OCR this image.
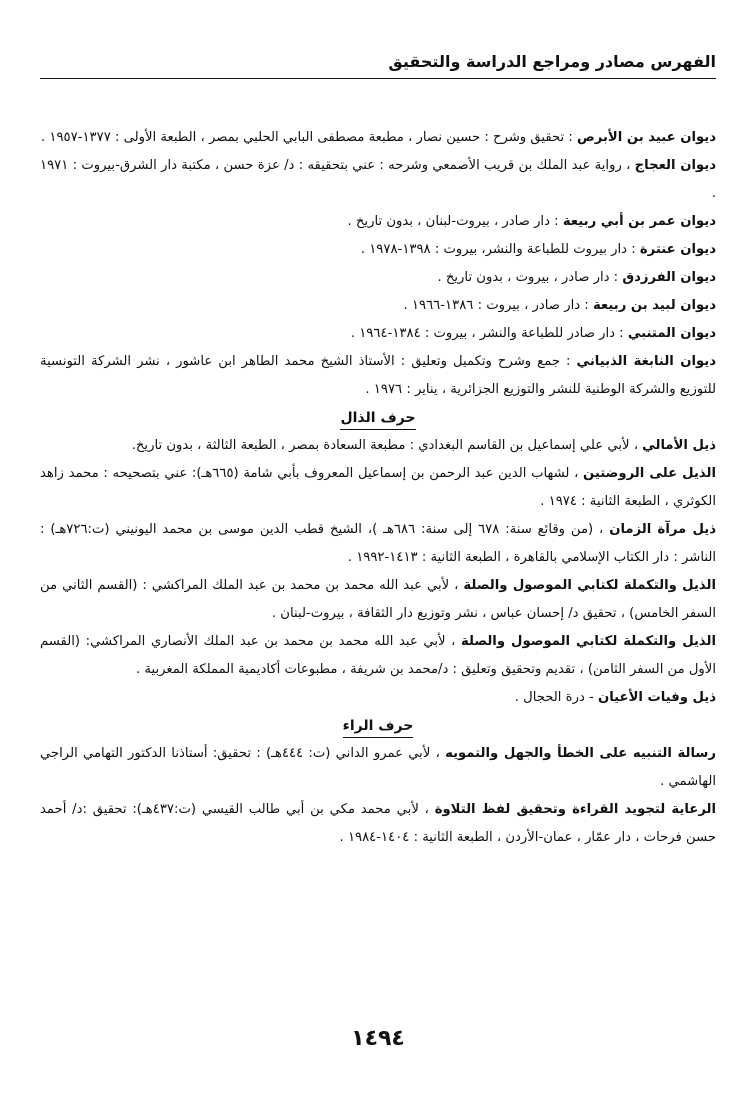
الفهرس مصادر ومراجع الدراسة والتحقيق

ديوان عبيد بن الأبرص : تحقيق وشرح : حسين نصار ، مطبعة مصطفى البابي الحلبي بمصر ، الطبعة الأولى : ١٣٧٧-١٩٥٧ .

ديوان العجاج ، رواية عبد الملك بن قريب الأصمعي وشرحه : عني بتحقيقه : د/ عزة حسن ، مكتبة دار الشرق-بيروت : ١٩٧١ .

ديوان عمر بن أبي ربيعة : دار صادر ، بيروت-لبنان ، بدون تاريخ .

ديوان عنترة : دار بيروت للطباعة والنشر، بيروت : ١٣٩٨-١٩٧٨ .

ديوان الفرزدق : دار صادر ، بيروت ، بدون تاريخ .

ديوان لبيد بن ربيعة : دار صادر ، بيروت : ١٣٨٦-١٩٦٦ .

ديوان المتنبي : دار صادر للطباعة والنشر ، بيروت : ١٣٨٤-١٩٦٤ .

ديوان النابغة الذبياني : جمع وشرح وتكميل وتعليق : الأستاذ الشيخ محمد الطاهر ابن عاشور ، نشر الشركة التونسية للتوزيع والشركة الوطنية للنشر والتوزيع الجزائرية ، يناير : ١٩٧٦ .

حرف الذال

ذيل الأمالي ، لأبي علي إسماعيل بن القاسم البغدادي : مطبعة السعادة بمصر ، الطبعة الثالثة ، بدون تاريخ.

الذيل على الروضتين ، لشهاب الدين عبد الرحمن بن إسماعيل المعروف بأبي شامة (٦٦٥هـ): عني بتصحيحه : محمد زاهد الكوثري ، الطبعة الثانية : ١٩٧٤ .

ذيل مرآة الزمان ، (من وقائع سنة: ٦٧٨ إلى سنة: ٦٨٦هـ )، الشيخ قطب الدين موسى بن محمد اليونيني (ت:٧٢٦هـ) : الناشر : دار الكتاب الإسلامي بالقاهرة ، الطبعة الثانية : ١٤١٣-١٩٩٢ .

الذيل والتكملة لكتابي الموصول والصلة ، لأبي عبد الله محمد بن محمد بن عبد الملك المراكشي : (القسم الثاني من السفر الخامس) ، تحقيق د/ إحسان عباس ، نشر وتوزيع دار الثقافة ، بيروت-لبنان .

الذيل والتكملة لكتابي الموصول والصلة ، لأبي عبد الله محمد بن محمد بن عبد الملك الأنصاري المراكشي: (القسم الأول من السفر الثامن) ، تقديم وتحقيق وتعليق : د/محمد بن شريفة ، مطبوعات أكاديمية المملكة المغربية .

ذيل وفيات الأعيان - درة الحجال .

حرف الراء

رسالة التنبيه على الخطأ والجهل والتمويه ، لأبي عمرو الداني (ت: ٤٤٤هـ) : تحقيق: أستاذنا الدكتور التهامي الراجي الهاشمي .

الرعاية لتجويد القراءة وتحقيق لفظ التلاوة ، لأبي محمد مكي بن أبي طالب القيسي (ت:٤٣٧هـ): تحقيق :د/ أحمد حسن فرحات ، دار عمّار ، عمان-الأردن ، الطبعة الثانية : ١٤٠٤-١٩٨٤ .

١٤٩٤
